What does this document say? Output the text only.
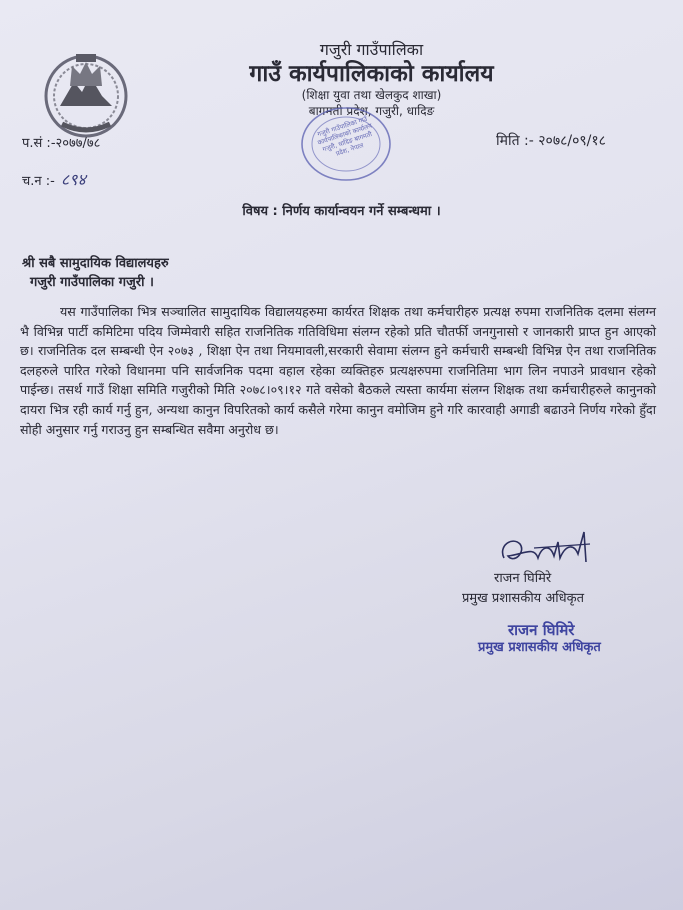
गजुरी गाउँपालिका
गाउँ कार्यपालिकाको कार्यालय
(शिक्षा युवा तथा खेलकुद शाखा)
बागमती प्रदेश, गजुरी, धादिङ
गजुरी गाउँपालिका गाउँ कार्यपालिकाको कार्यालय गजुरी, धादिङ बागमती प्रदेश, नेपाल
प.सं :-२०७७/७८	मिति :- २०७८/०९/१८
च.न :- ८९४
विषय : निर्णय कार्यान्वयन गर्ने सम्बन्धमा ।
श्री सबै सामुदायिक विद्यालयहरु
गजुरी गाउँपालिका गजुरी ।
यस गाउँपालिका भित्र सञ्चालित सामुदायिक विद्यालयहरुमा कार्यरत शिक्षक तथा कर्मचारीहरु प्रत्यक्ष रुपमा राजनितिक दलमा संलग्न भै विभिन्न पार्टी कमिटिमा पदिय जिम्मेवारी सहित राजनितिक गतिविधिमा संलग्न रहेको प्रति चौतर्फी जनगुनासो र जानकारी प्राप्त हुन आएको छ। राजनितिक दल सम्बन्धी ऐन २०७३ , शिक्षा ऐन तथा नियमावली,सरकारी सेवामा संलग्न हुने कर्मचारी सम्बन्धी विभिन्न ऐन तथा राजनितिक दलहरुले पारित गरेको विधानमा पनि सार्वजनिक पदमा वहाल रहेका व्यक्तिहरु प्रत्यक्षरुपमा राजनितिमा भाग लिन नपाउने प्रावधान रहेको पाईन्छ। तसर्थ गाउँ शिक्षा समिति गजुरीको मिति २०७८।०९।१२ गते वसेको बैठकले त्यस्ता कार्यमा संलग्न शिक्षक तथा कर्मचारीहरुले कानुनको दायरा भित्र रही कार्य गर्नु हुन, अन्यथा कानुन विपरितको कार्य कसैले गरेमा कानुन वमोजिम हुने गरि कारवाही अगाडी बढाउने निर्णय गरेको हुँदा सोही अनुसार गर्नु गराउनु हुन सम्बन्धित सवैमा अनुरोध छ।
राजन घिमिरे
प्रमुख प्रशासकीय अधिकृत
राजन घिमिरे
प्रमुख प्रशासकीय अधिकृत
